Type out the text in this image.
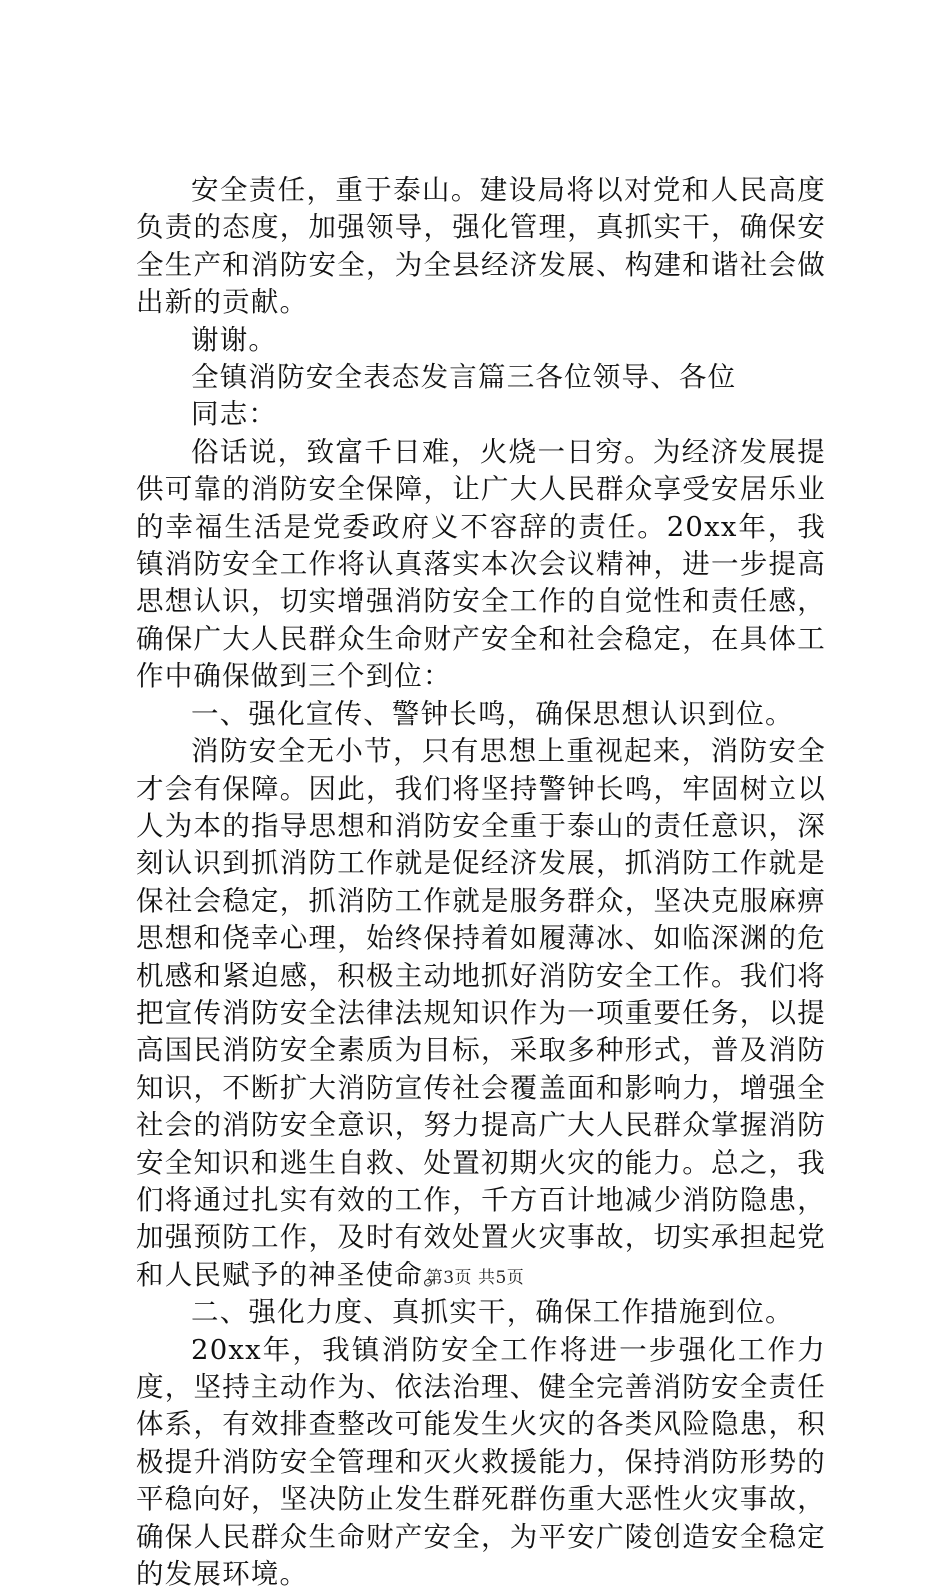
安全责任，重于泰山。建设局将以对党和人民高度负责的态度，加强领导，强化管理，真抓实干，确保安全生产和消防安全，为全县经济发展、构建和谐社会做出新的贡献。

谢谢。

全镇消防安全表态发言篇三各位领导、各位

同志：

俗话说，致富千日难，火烧一日穷。为经济发展提供可靠的消防安全保障，让广大人民群众享受安居乐业的幸福生活是党委政府义不容辞的责任。20xx年，我镇消防安全工作将认真落实本次会议精神，进一步提高思想认识，切实增强消防安全工作的自觉性和责任感，确保广大人民群众生命财产安全和社会稳定，在具体工作中确保做到三个到位：

一、强化宣传、警钟长鸣，确保思想认识到位。

消防安全无小节，只有思想上重视起来，消防安全才会有保障。因此，我们将坚持警钟长鸣，牢固树立以人为本的指导思想和消防安全重于泰山的责任意识，深刻认识到抓消防工作就是促经济发展，抓消防工作就是保社会稳定，抓消防工作就是服务群众，坚决克服麻痹思想和侥幸心理，始终保持着如履薄冰、如临深渊的危机感和紧迫感，积极主动地抓好消防安全工作。我们将把宣传消防安全法律法规知识作为一项重要任务，以提高国民消防安全素质为目标，采取多种形式，普及消防知识，不断扩大消防宣传社会覆盖面和影响力，增强全社会的消防安全意识，努力提高广大人民群众掌握消防安全知识和逃生自救、处置初期火灾的能力。总之，我们将通过扎实有效的工作，千方百计地减少消防隐患，加强预防工作，及时有效处置火灾事故，切实承担起党和人民赋予的神圣使命。

二、强化力度、真抓实干，确保工作措施到位。

20xx年，我镇消防安全工作将进一步强化工作力度，坚持主动作为、依法治理、健全完善消防安全责任体系，有效排查整改可能发生火灾的各类风险隐患，积极提升消防安全管理和灭火救援能力，保持消防形势的平稳向好，坚决防止发生群死群伤重大恶性火灾事故，确保人民群众生命财产安全，为平安广陵创造安全稳定的发展环境。

第3页 共5页
